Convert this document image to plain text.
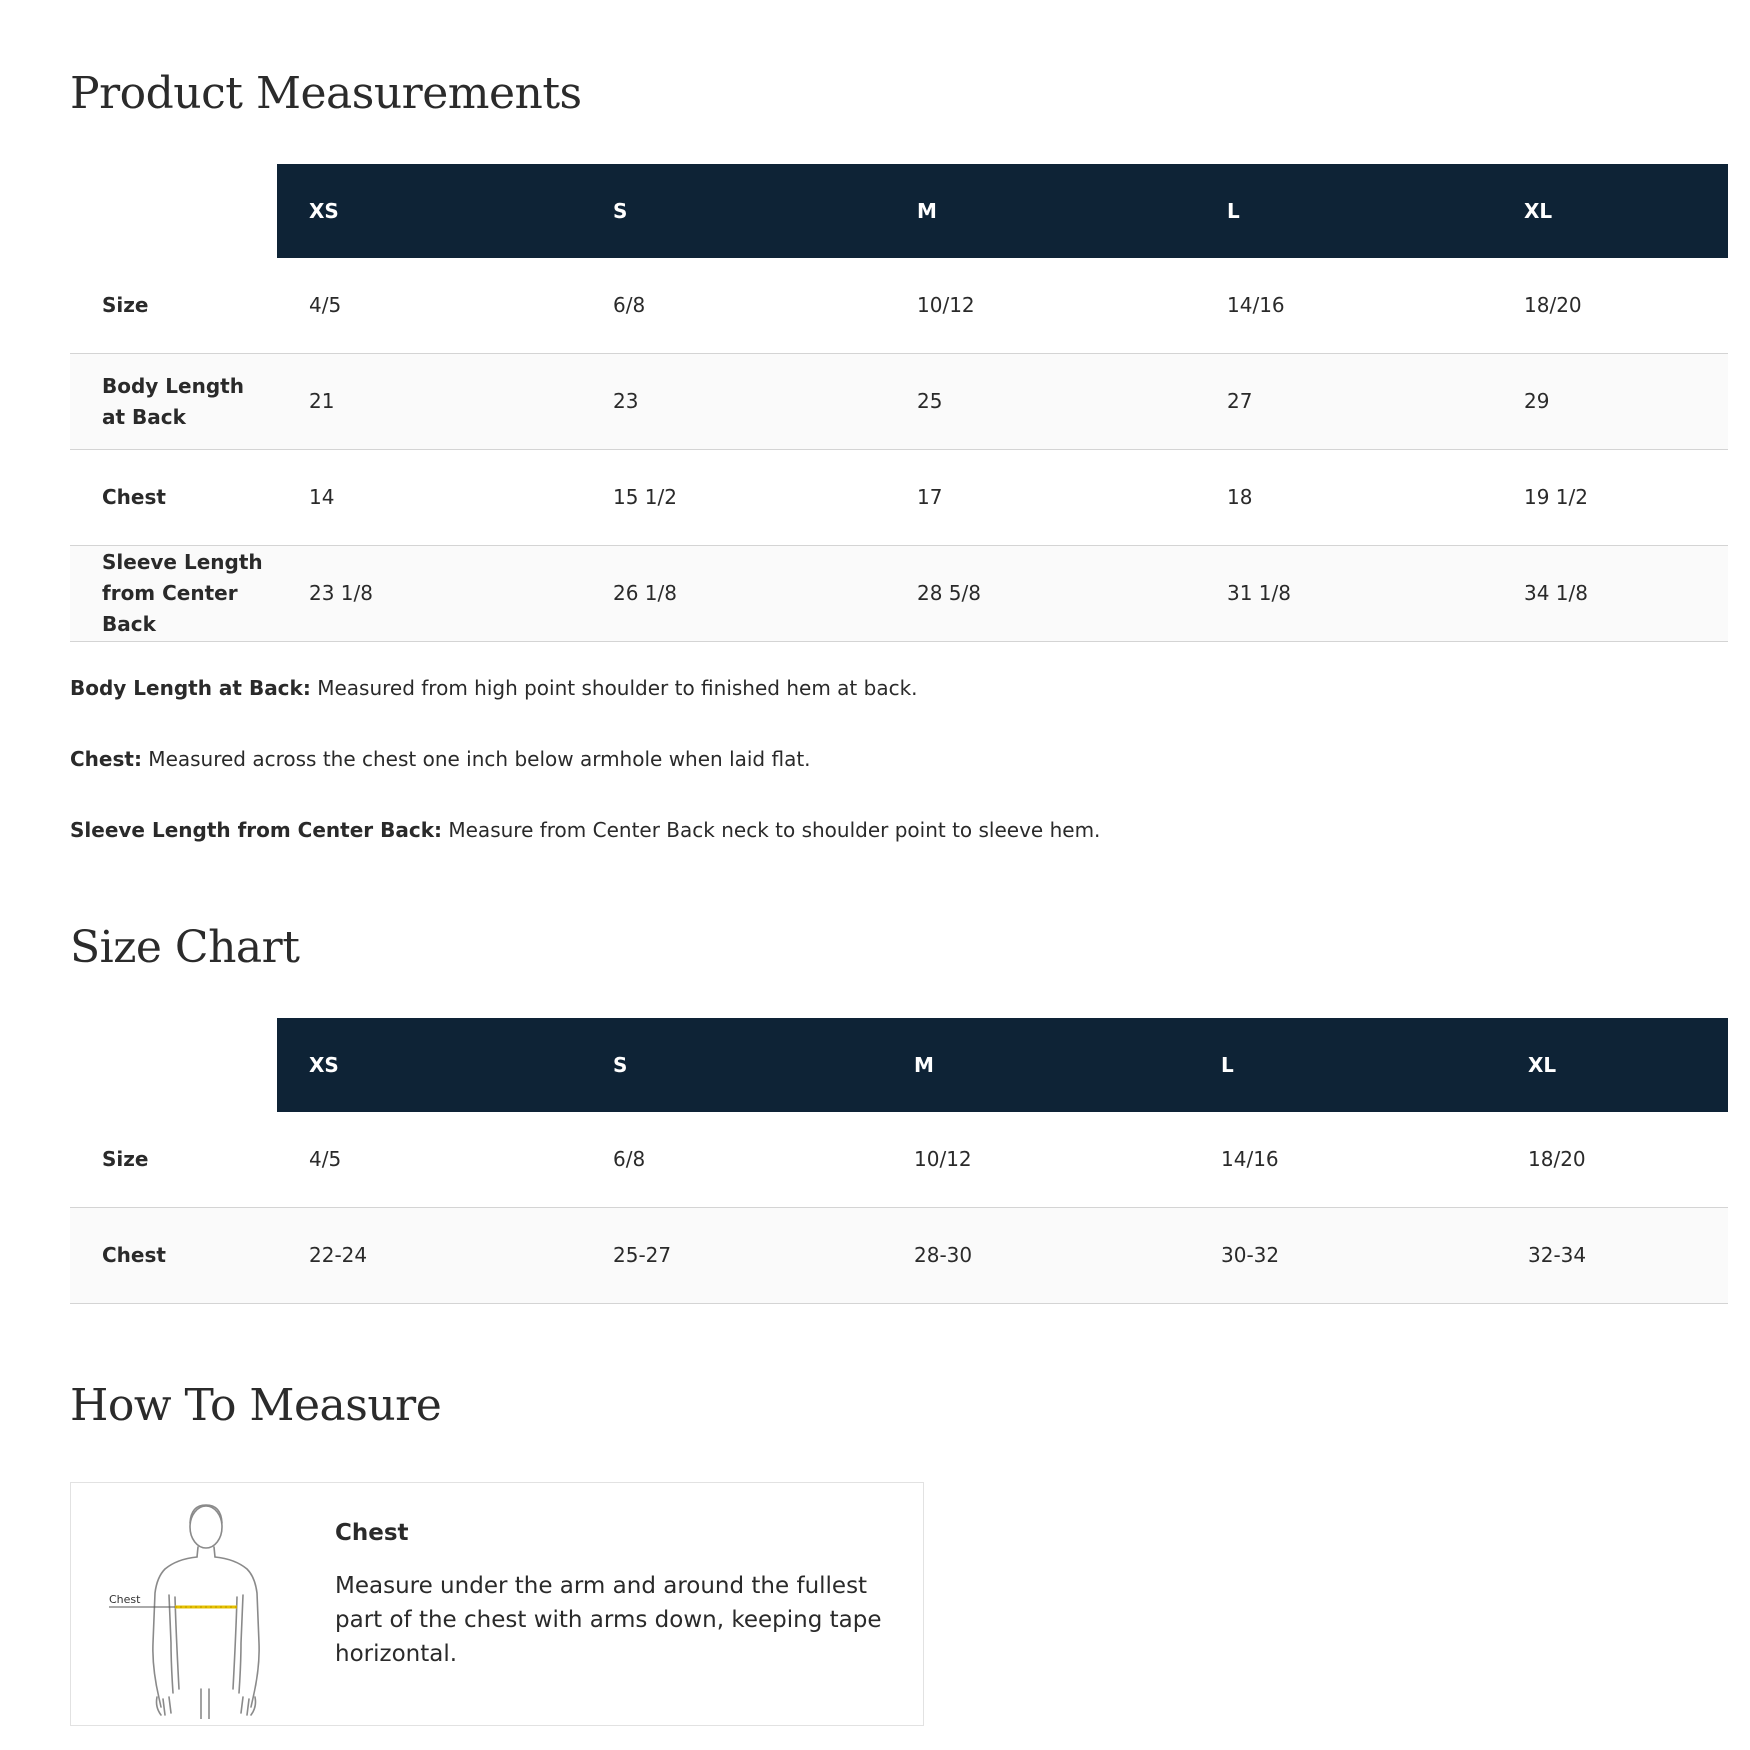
Product Measurements
	XS	S	M	L	XL
Size	4/5	6/8	10/12	14/16	18/20
Body Length at Back	21	23	25	27	29
Chest	14	15 1/2	17	18	19 1/2
Sleeve Length from Center Back	23 1/8	26 1/8	28 5/8	31 1/8	34 1/8

Body Length at Back: Measured from high point shoulder to finished hem at back.

Chest: Measured across the chest one inch below armhole when laid flat.

Sleeve Length from Center Back: Measure from Center Back neck to shoulder point to sleeve hem.

Size Chart
	XS	S	M	L	XL
Size	4/5	6/8	10/12	14/16	18/20
Chest	22-24	25-27	28-30	30-32	32-34
How To Measure
Chest
Chest
Measure under the arm and around the fullest part of the chest with arms down, keeping tape horizontal.
